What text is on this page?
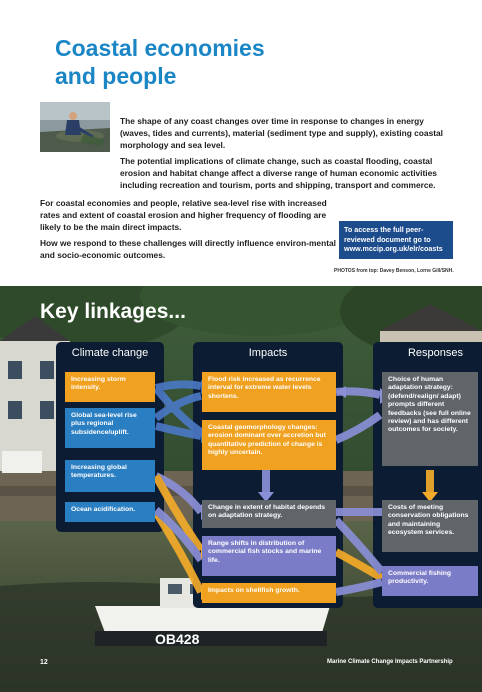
Coastal economies
and people
The shape of any coast changes over time in response to changes in energy (waves, tides and currents), material (sediment type and supply), existing coastal morphology and sea level.
The potential implications of climate change, such as coastal flooding, coastal erosion and habitat change affect a diverse range of human economic activities including recreation and tourism, ports and shipping, transport and commerce.
For coastal economies and people, relative sea-level rise with increased rates and extent of coastal erosion and higher frequency of flooding are likely to be the main direct impacts.
How we respond to these challenges will directly influence environ-mental and socio-economic outcomes.
To access the full peer-reviewed document go to www.mccip.org.uk/elr/coasts
PHOTOS from top: Davey Benson, Lorne Gill/SNH.
OB428
Key linkages...
Climate change	Impacts	Responses
Increasing storm intensity.
Global sea-level rise plus regional subsidence/uplift.
Increasing global temperatures.
Ocean acidification.
Flood risk increased as recurrence interval for extreme water levels shortens.
Coastal geomorphology changes: erosion dominant over accretion but quantitative prediction of change is highly uncertain.
Change in extent of habitat depends on adaptation strategy.
Range shifts in distribution of commercial fish stocks and marine life.
Impacts on shellfish growth.
Choice of human adaptation strategy: (defend/realign/ adapt) prompts different feedbacks (see full online review) and has different outcomes for society.
Costs of meeting conservation obligations and maintaining ecosystem services.
Commercial fishing productivity.
12	Marine Climate Change Impacts Partnership
